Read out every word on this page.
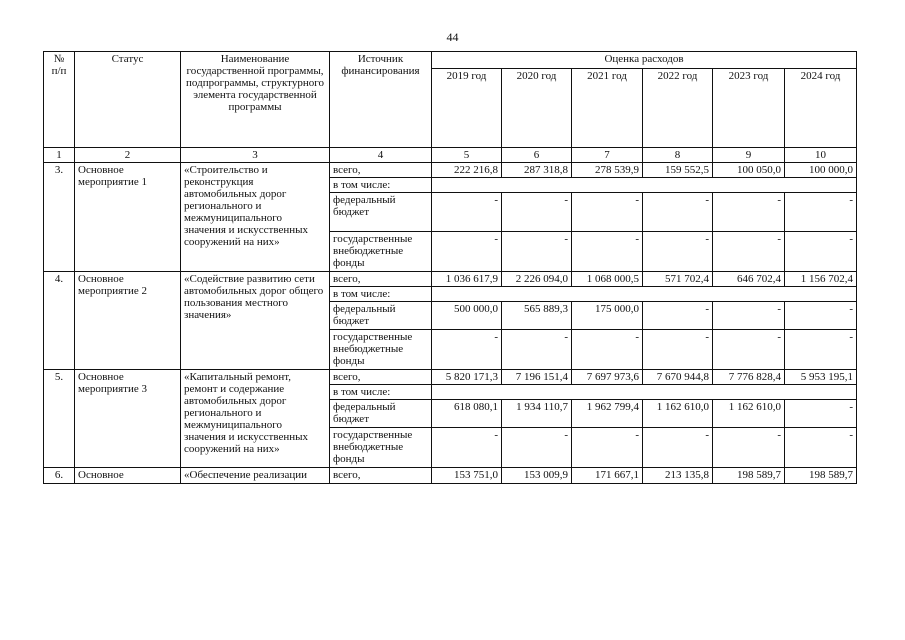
44
№
п/п	Статус	Наименование государственной программы, подпрограммы, структурного элемента государственной программы	Источник финансирования	Оценка расходов					
				2019 год	2020 год	2021 год	2022 год	2023 год	2024 год
1	2	3	4	5	6	7	8	9	10
3.	Основное мероприятие 1	«Строительство и реконструкция автомобильных дорог регионального и межмуниципального значения и искусственных сооружений на них»	всего,	222 216,8	287 318,8	278 539,9	159 552,5	100 050,0	100 000,0
			в том числе:						
			федеральный бюджет	-	-	-	-	-	-
			государственные внебюджетные фонды	-	-	-	-	-	-
4.	Основное мероприятие 2	«Содействие развитию сети автомобильных дорог общего пользования местного значения»	всего,	1 036 617,9	2 226 094,0	1 068 000,5	571 702,4	646 702,4	1 156 702,4
			в том числе:						
			федеральный бюджет	500 000,0	565 889,3	175 000,0	-	-	-
			государственные внебюджетные фонды	-	-	-	-	-	-
5.	Основное мероприятие 3	«Капитальный ремонт, ремонт и содержание автомобильных дорог регионального и межмуниципального значения и искусственных сооружений на них»	всего,	5 820 171,3	7 196 151,4	7 697 973,6	7 670 944,8	7 776 828,4	5 953 195,1
			в том числе:						
			федеральный бюджет	618 080,1	1 934 110,7	1 962 799,4	1 162 610,0	1 162 610,0	-
			государственные внебюджетные фонды	-	-	-	-	-	-
6.	Основное	«Обеспечение реализации	всего,	153 751,0	153 009,9	171 667,1	213 135,8	198 589,7	198 589,7
